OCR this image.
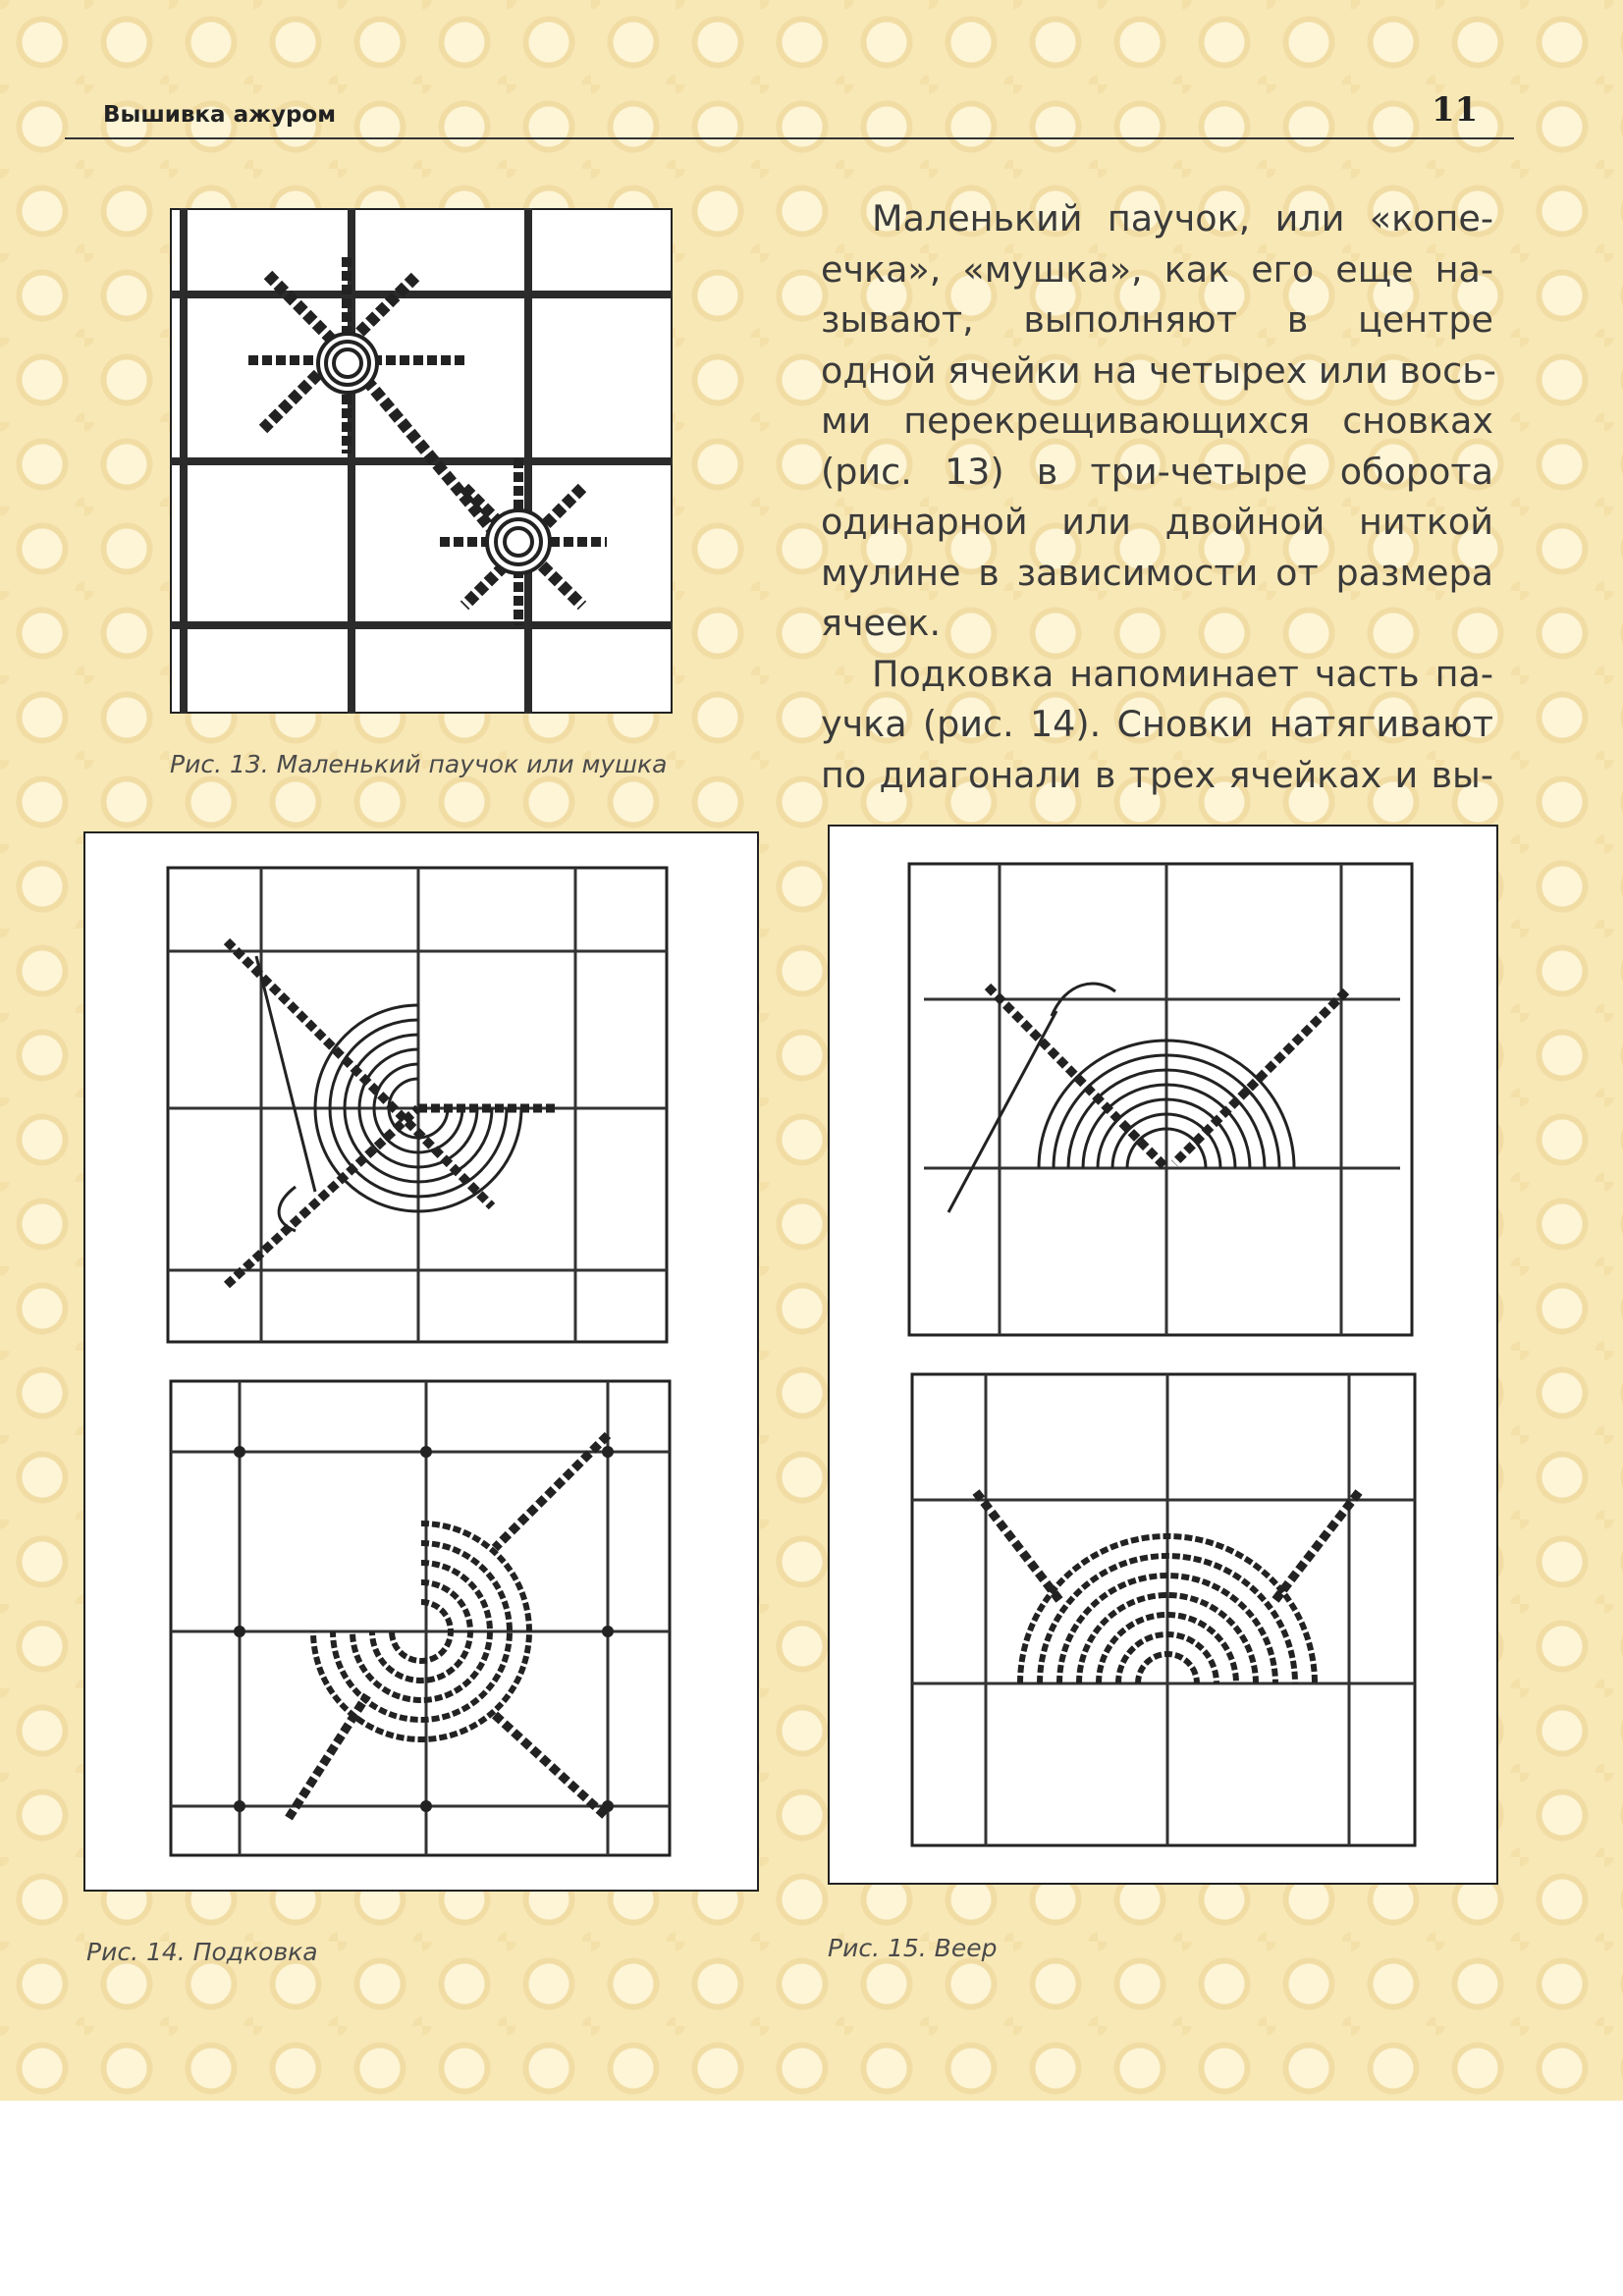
Вышивка ажуром	11
Рис. 13. Маленький паучок или мушка
Маленький паучок, или «копе-
ечка», «мушка», как его еще на-
зывают, выполняют в центре
одной ячейки на четырех или вось-
ми перекрещивающихся сновках
(рис. 13) в три-четыре оборота
одинарной или двойной ниткой
мулине в зависимости от размера
ячеек.
Подковка напоминает часть па-
учка (рис. 14). Сновки натягивают
по диагонали в трех ячейках и вы-
Рис. 14. Подковка	Рис. 15. Веер
